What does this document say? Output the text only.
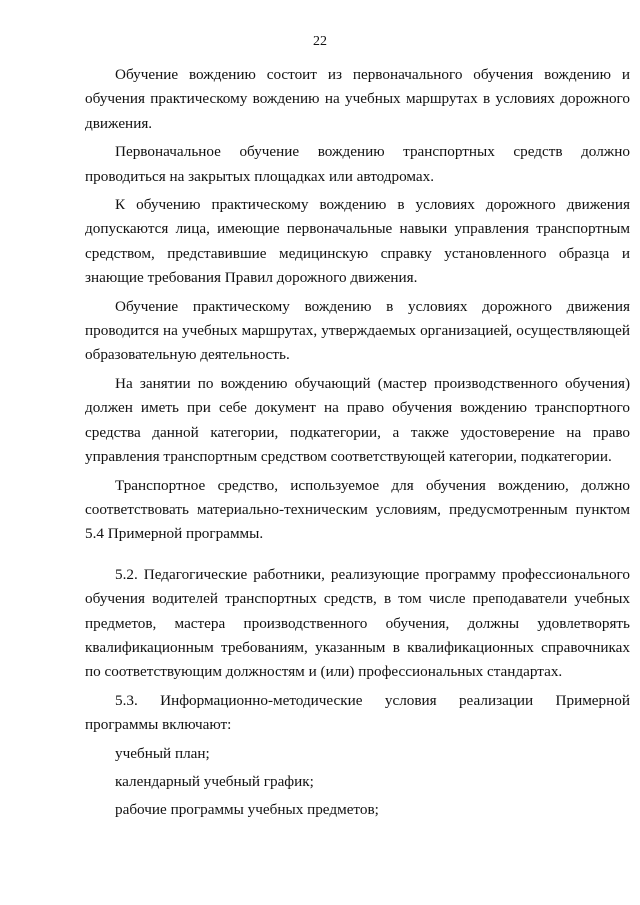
22

Обучение вождению состоит из первоначального обучения вождению и обучения практическому вождению на учебных маршрутах в условиях дорожного движения.

Первоначальное обучение вождению транспортных средств должно проводиться на закрытых площадках или автодромах.

К обучению практическому вождению в условиях дорожного движения допускаются лица, имеющие первоначальные навыки управления транспортным средством, представившие медицинскую справку установленного образца и знающие требования Правил дорожного движения.

Обучение практическому вождению в условиях дорожного движения проводится на учебных маршрутах, утверждаемых организацией, осуществляющей образовательную деятельность.

На занятии по вождению обучающий (мастер производственного обучения) должен иметь при себе документ на право обучения вождению транспортного средства данной категории, подкатегории, а также удостоверение на право управления транспортным средством соответствующей категории, подкатегории.

Транспортное средство, используемое для обучения вождению, должно соответствовать материально-техническим условиям, предусмотренным пунктом 5.4 Примерной программы.

5.2. Педагогические работники, реализующие программу профессионального обучения водителей транспортных средств, в том числе преподаватели учебных предметов, мастера производственного обучения, должны удовлетворять квалификационным требованиям, указанным в квалификационных справочниках по соответствующим должностям и (или) профессиональных стандартах.

5.3. Информационно-методические условия реализации Примерной программы включают:

учебный план;
календарный учебный график;
рабочие программы учебных предметов;
